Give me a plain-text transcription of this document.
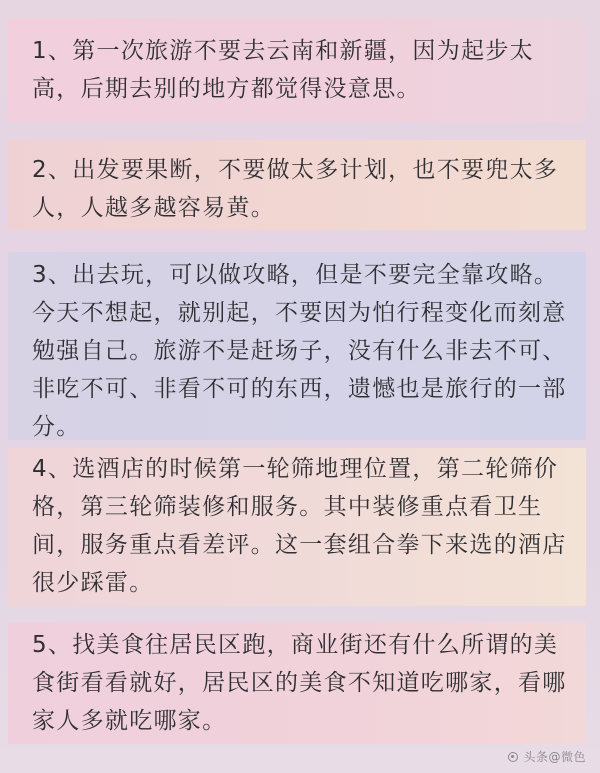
1、第一次旅游不要去云南和新疆，因为起步太高，后期去别的地方都觉得没意思。
2、出发要果断，不要做太多计划，也不要兜太多人，人越多越容易黄。
3、出去玩，可以做攻略，但是不要完全靠攻略。今天不想起，就别起，不要因为怕行程变化而刻意勉强自己。旅游不是赶场子，没有什么非去不可、非吃不可、非看不可的东西，遗憾也是旅行的一部分。
4、选酒店的时候第一轮筛地理位置，第二轮筛价格，第三轮筛装修和服务。其中装修重点看卫生间，服务重点看差评。这一套组合拳下来选的酒店很少踩雷。
5、找美食往居民区跑，商业街还有什么所谓的美食街看看就好，居民区的美食不知道吃哪家，看哪家人多就吃哪家。
头条@微色
